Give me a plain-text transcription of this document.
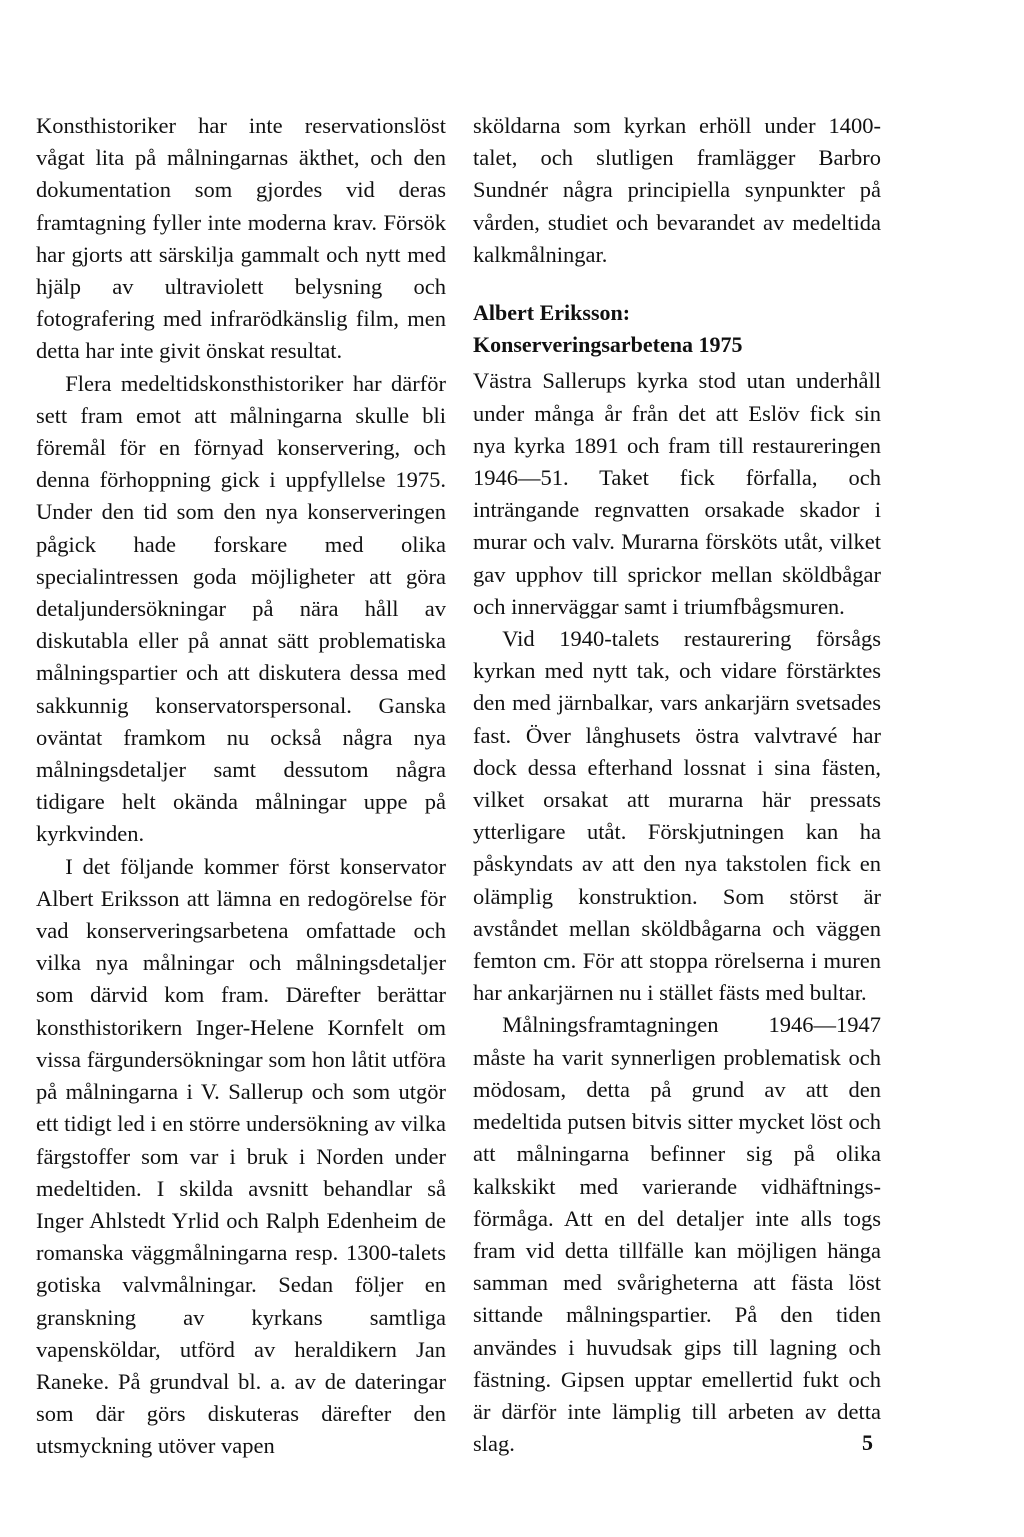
Konsthistoriker har inte reservationslöst vågat lita på målningarnas äkthet, och den dokumentation som gjordes vid deras framtagning fyller inte moderna krav. Försök har gjorts att särskilja gammalt och nytt med hjälp av ultraviolett belysning och fotografering med infrarödkänslig film, men detta har inte givit önskat resultat.

Flera medeltidskonsthistoriker har därför sett fram emot att målningarna skulle bli föremål för en förnyad konservering, och denna förhoppning gick i uppfyllelse 1975. Under den tid som den nya konserveringen pågick hade forskare med olika specialintressen goda möjligheter att göra detaljundersökningar på nära håll av diskutabla eller på annat sätt problematiska målningspartier och att diskutera dessa med sakkunnig konservatorspersonal. Ganska oväntat framkom nu också några nya målningsdetaljer samt dessutom några tidigare helt okända målningar uppe på kyrkvinden.

I det följande kommer först konservator Albert Eriksson att lämna en redogörelse för vad konserveringsarbetena omfattade och vilka nya målningar och målningsdetaljer som därvid kom fram. Därefter berättar konsthistorikern Inger-Helene Kornfelt om vissa färgundersökningar som hon låtit utföra på målningarna i V. Sallerup och som utgör ett tidigt led i en större undersökning av vilka färgstoffer som var i bruk i Norden under medeltiden. I skilda avsnitt behandlar så Inger Ahlstedt Yrlid och Ralph Edenheim de romanska väggmålningarna resp. 1300-talets gotiska valvmålningar. Sedan följer en granskning av kyrkans samtliga vapensköldar, utförd av heraldikern Jan Raneke. På grundval bl. a. av de dateringar som där görs diskuteras därefter den utsmyckning utöver vapen

sköldarna som kyrkan erhöll under 1400-talet, och slutligen framlägger Barbro Sundnér några principiella synpunkter på vården, studiet och bevarandet av medeltida kalkmålningar.

Albert Eriksson:
Konserveringsarbetena 1975

Västra Sallerups kyrka stod utan underhåll under många år från det att Eslöv fick sin nya kyrka 1891 och fram till restaureringen 1946—51. Taket fick förfalla, och inträngande regnvatten orsakade skador i murar och valv. Murarna försköts utåt, vilket gav upphov till sprickor mellan sköldbågar och innerväggar samt i triumfbågsmuren.

Vid 1940-talets restaurering försågs kyrkan med nytt tak, och vidare förstärktes den med järnbalkar, vars ankarjärn svetsades fast. Över långhusets östra valvtravé har dock dessa efterhand lossnat i sina fästen, vilket orsakat att murarna här pressats ytterligare utåt. Förskjutningen kan ha påskyndats av att den nya takstolen fick en olämplig konstruktion. Som störst är avståndet mellan sköldbågarna och väggen femton cm. För att stoppa rörelserna i muren har ankarjärnen nu i stället fästs med bultar.

Målningsframtagningen 1946—1947 måste ha varit synnerligen problematisk och mödosam, detta på grund av att den medeltida putsen bitvis sitter mycket löst och att målningarna befinner sig på olika kalkskikt med varierande vidhäftningsförmåga. Att en del detaljer inte alls togs fram vid detta tillfälle kan möjligen hänga samman med svårigheterna att fästa löst sittande målningspartier. På den tiden användes i huvudsak gips till lagning och fästning. Gipsen upptar emellertid fukt och är därför inte lämplig till arbeten av detta slag.	5
